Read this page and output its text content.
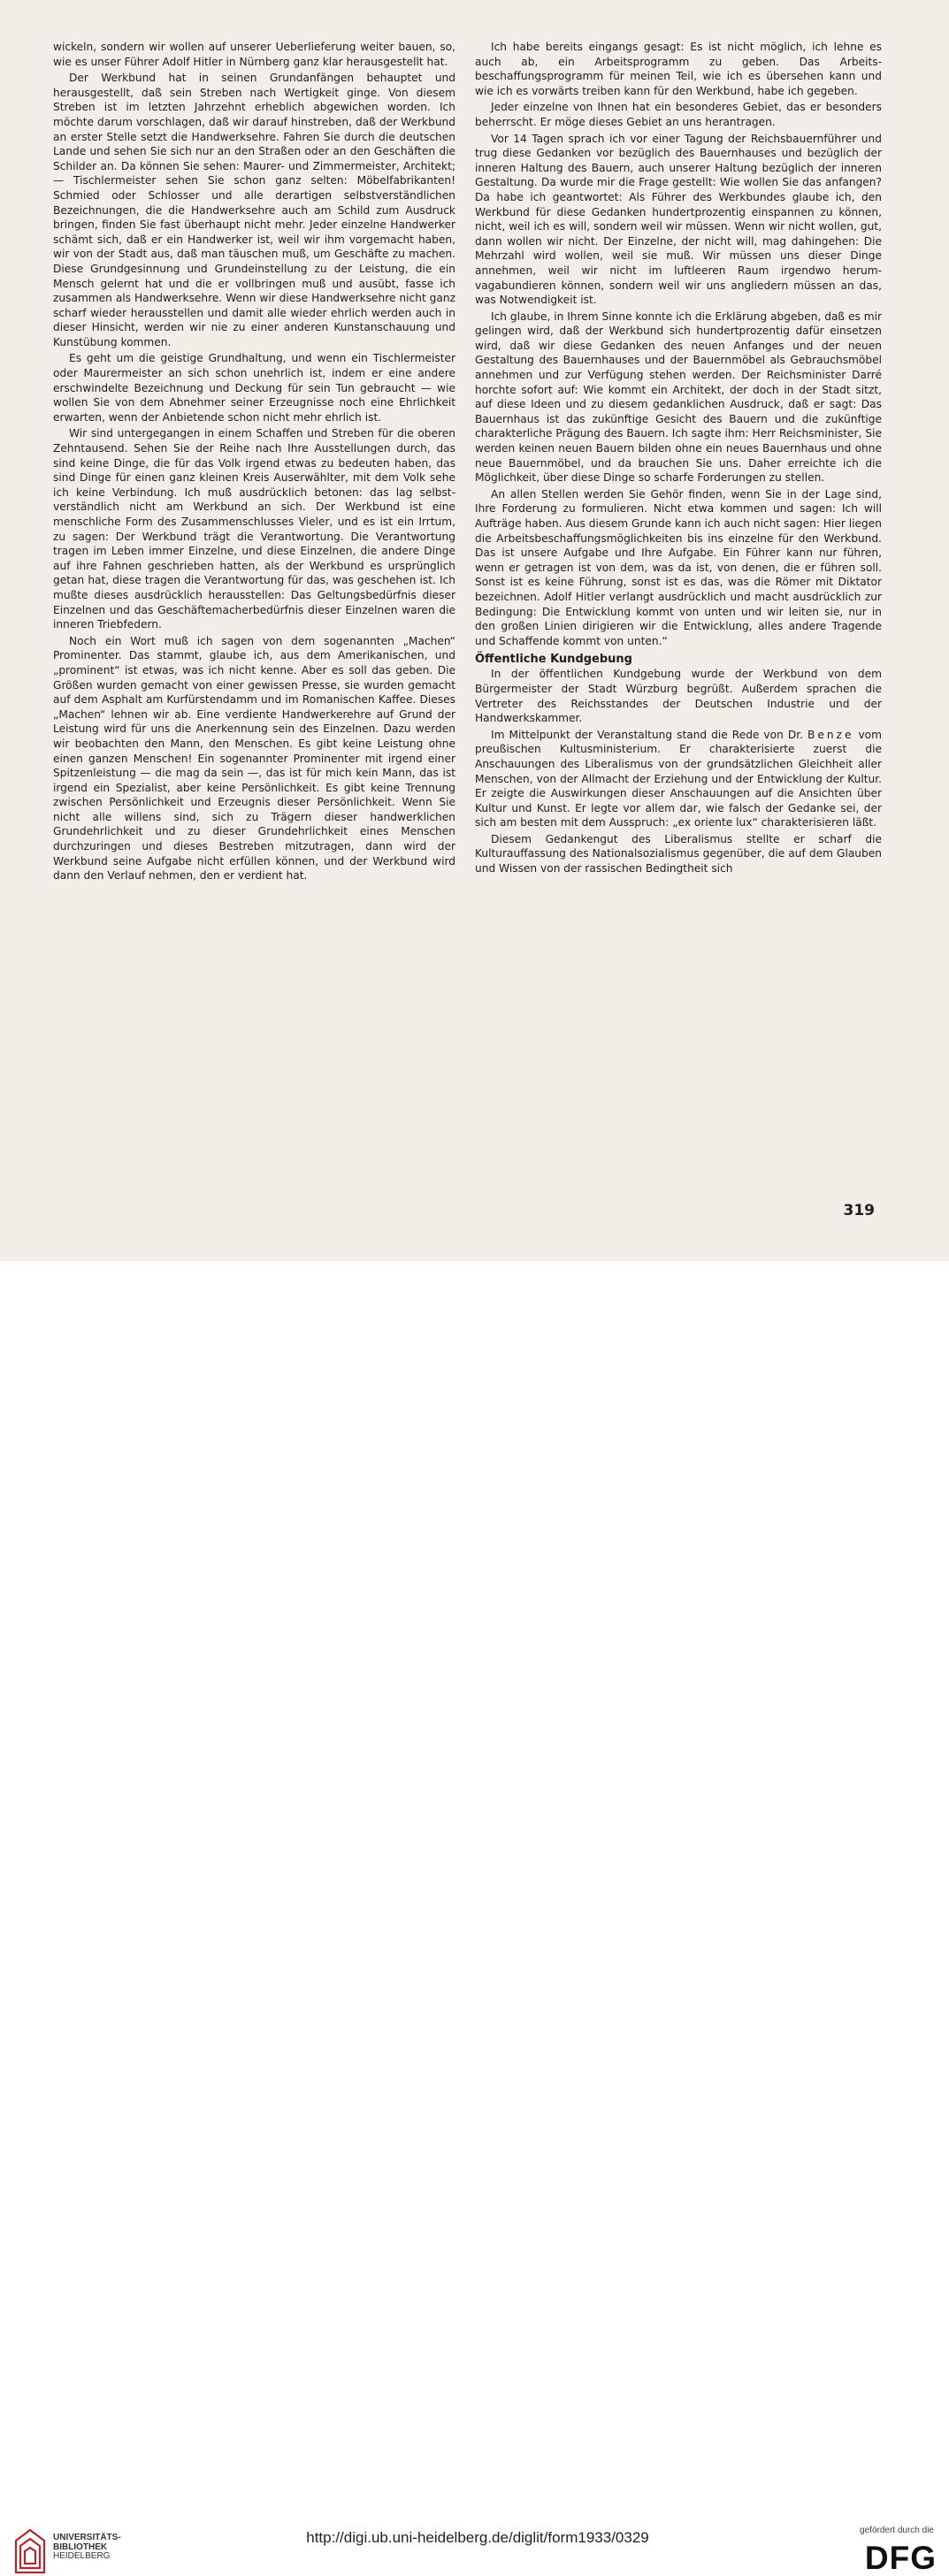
wickeln, sondern wir wollen auf unserer Ueberlieferung weiter bauen, so, wie es unser Führer Adolf Hitler in Nürnberg ganz klar herausgestellt hat.

Der Werkbund hat in seinen Grundanfängen behauptet und herausgestellt, daß sein Streben nach Wertigkeit ginge. Von diesem Streben ist im letzten Jahrzehnt erheblich abgewichen worden. Ich möchte darum vorschlagen, daß wir darauf hinstreben, daß der Werkbund an erster Stelle setzt die Handwerksehre. Fahren Sie durch die deutschen Lande und sehen Sie sich nur an den Straßen oder an den Geschäften die Schilder an. Da können Sie sehen: Maurer- und Zimmermeister, Architekt; — Tischlermeister sehen Sie schon ganz selten: Möbelfabrikanten! Schmied oder Schlosser und alle derartigen selbstverständlichen Bezeichnungen, die die Handwerksehre auch am Schild zum Ausdruck bringen, finden Sie fast überhaupt nicht mehr. Jeder einzelne Handwerker schämt sich, daß er ein Handwerker ist, weil wir ihm vorgemacht haben, wir von der Stadt aus, daß man täuschen muß, um Geschäfte zu machen. Diese Grundgesinnung und Grundeinstellung zu der Leistung, die ein Mensch gelernt hat und die er vollbringen muß und ausübt, fasse ich zusammen als Handwerksehre. Wenn wir diese Handwerksehre nicht ganz scharf wieder herausstellen und damit alle wieder ehrlich werden auch in dieser Hinsicht, werden wir nie zu einer anderen Kunstanschauung und Kunstübung kommen.

Es geht um die geistige Grundhaltung, und wenn ein Tischlermeister oder Maurermeister an sich schon unehrlich ist, indem er eine andere erschwindelte Bezeichnung und Deckung für sein Tun gebraucht — wie wollen Sie von dem Abnehmer seiner Erzeugnisse noch eine Ehrlichkeit erwarten, wenn der Anbietende schon nicht mehr ehrlich ist.

Wir sind untergegangen in einem Schaffen und Streben für die oberen Zehntausend. Sehen Sie der Reihe nach Ihre Ausstellungen durch, das sind keine Dinge, die für das Volk irgend etwas zu bedeuten haben, das sind Dinge für einen ganz kleinen Kreis Auserwählter, mit dem Volk sehe ich keine Verbindung. Ich muß ausdrücklich betonen: das lag selbstverständlich nicht am Werkbund an sich. Der Werkbund ist eine menschliche Form des Zusammenschlusses Vieler, und es ist ein Irrtum, zu sagen: Der Werkbund trägt die Verantwortung. Die Verantwortung tragen im Leben immer Einzelne, und diese Einzelnen, die andere Dinge auf ihre Fahnen geschrieben hatten, als der Werkbund es ursprünglich getan hat, diese tragen die Verantwortung für das, was geschehen ist. Ich mußte dieses ausdrücklich herausstellen: Das Geltungsbedürfnis dieser Einzelnen und das Geschäftemacherbedürfnis dieser Einzelnen waren die inneren Triebfedern.

Noch ein Wort muß ich sagen von dem sogenannten „Machen“ Prominenter. Das stammt, glaube ich, aus dem Amerikanischen, und „prominent“ ist etwas, was ich nicht kenne. Aber es soll das geben. Die Größen wurden gemacht von einer gewissen Presse, sie wurden gemacht auf dem Asphalt am Kurfürstendamm und im Romanischen Kaffee. Dieses „Machen“ lehnen wir ab. Eine verdiente Handwerkerehre auf Grund der Leistung wird für uns die Anerkennung sein des Einzelnen. Dazu werden wir beobachten den Mann, den Menschen. Es gibt keine Leistung ohne einen ganzen Menschen! Ein sogenannter Prominenter mit irgend einer Spitzenleistung — die mag da sein —, das ist für mich kein Mann, das ist irgend ein Spezialist, aber keine Persönlichkeit. Es gibt keine Trennung zwischen Persönlichkeit und Erzeugnis dieser Persönlichkeit. Wenn Sie nicht alle willens sind, sich zu Trägern dieser handwerklichen Grundehrlichkeit und zu dieser Grundehrlichkeit eines Menschen durchzuringen und dieses Bestreben mitzutragen, dann wird der Werkbund seine Aufgabe nicht erfüllen können, und der Werkbund wird dann den Verlauf nehmen, den er verdient hat.

Ich habe bereits eingangs gesagt: Es ist nicht möglich, ich lehne es auch ab, ein Arbeitsprogramm zu geben. Das Arbeitsbeschaffungsprogramm für meinen Teil, wie ich es übersehen kann und wie ich es vorwärts treiben kann für den Werkbund, habe ich gegeben.

Jeder einzelne von Ihnen hat ein besonderes Gebiet, das er besonders beherrscht. Er möge dieses Gebiet an uns herantragen.

Vor 14 Tagen sprach ich vor einer Tagung der Reichsbauernführer und trug diese Gedanken vor bezüglich des Bauernhauses und bezüglich der inneren Haltung des Bauern, auch unserer Haltung bezüglich der inneren Gestaltung. Da wurde mir die Frage gestellt: Wie wollen Sie das anfangen? Da habe ich geantwortet: Als Führer des Werkbundes glaube ich, den Werkbund für diese Gedanken hundertprozentig einspannen zu können, nicht, weil ich es will, sondern weil wir müssen. Wenn wir nicht wollen, gut, dann wollen wir nicht. Der Einzelne, der nicht will, mag dahingehen: Die Mehrzahl wird wollen, weil sie muß. Wir müssen uns dieser Dinge annehmen, weil wir nicht im luftleeren Raum irgendwo herumvagabundieren können, sondern weil wir uns angliedern müssen an das, was Notwendigkeit ist.

Ich glaube, in Ihrem Sinne konnte ich die Erklärung abgeben, daß es mir gelingen wird, daß der Werkbund sich hundertprozentig dafür einsetzen wird, daß wir diese Gedanken des neuen Anfanges und der neuen Gestaltung des Bauernhauses und der Bauernmöbel als Gebrauchsmöbel annehmen und zur Verfügung stehen werden. Der Reichsminister Darré horchte sofort auf: Wie kommt ein Architekt, der doch in der Stadt sitzt, auf diese Ideen und zu diesem gedanklichen Ausdruck, daß er sagt: Das Bauernhaus ist das zukünftige Gesicht des Bauern und die zukünftige charakterliche Prägung des Bauern. Ich sagte ihm: Herr Reichsminister, Sie werden keinen neuen Bauern bilden ohne ein neues Bauernhaus und ohne neue Bauernmöbel, und da brauchen Sie uns. Daher erreichte ich die Möglichkeit, über diese Dinge so scharfe Forderungen zu stellen.

An allen Stellen werden Sie Gehör finden, wenn Sie in der Lage sind, Ihre Forderung zu formulieren. Nicht etwa kommen und sagen: Ich will Aufträge haben. Aus diesem Grunde kann ich auch nicht sagen: Hier liegen die Arbeitsbeschaffungsmöglichkeiten bis ins einzelne für den Werkbund. Das ist unsere Aufgabe und Ihre Aufgabe. Ein Führer kann nur führen, wenn er getragen ist von dem, was da ist, von denen, die er führen soll. Sonst ist es keine Führung, sonst ist es das, was die Römer mit Diktator bezeichnen. Adolf Hitler verlangt ausdrücklich und macht ausdrücklich zur Bedingung: Die Entwicklung kommt von unten und wir leiten sie, nur in den großen Linien dirigieren wir die Entwicklung, alles andere Tragende und Schaffende kommt von unten.“

Öffentliche Kundgebung

In der öffentlichen Kundgebung wurde der Werkbund von dem Bürgermeister der Stadt Würzburg begrüßt. Außerdem sprachen die Vertreter des Reichsstandes der Deutschen Industrie und der Handwerkskammer.

Im Mittelpunkt der Veranstaltung stand die Rede von Dr. Benze vom preußischen Kultusministerium. Er charakterisierte zuerst die Anschauungen des Liberalismus von der grundsätzlichen Gleichheit aller Menschen, von der Allmacht der Erziehung und der Entwicklung der Kultur. Er zeigte die Auswirkungen dieser Anschauungen auf die Ansichten über Kultur und Kunst. Er legte vor allem dar, wie falsch der Gedanke sei, der sich am besten mit dem Ausspruch: „ex oriente lux“ charakterisieren läßt.

Diesem Gedankengut des Liberalismus stellte er scharf die Kulturauffassung des Nationalsozialismus gegenüber, die auf dem Glauben und Wissen von der rassischen Bedingtheit sich

319
UNIVERSITÄTS-
BIBLIOTHEK
HEIDELBERG
http://digi.ub.uni-heidelberg.de/diglit/form1933/0329	gefördert durch die
DFG
